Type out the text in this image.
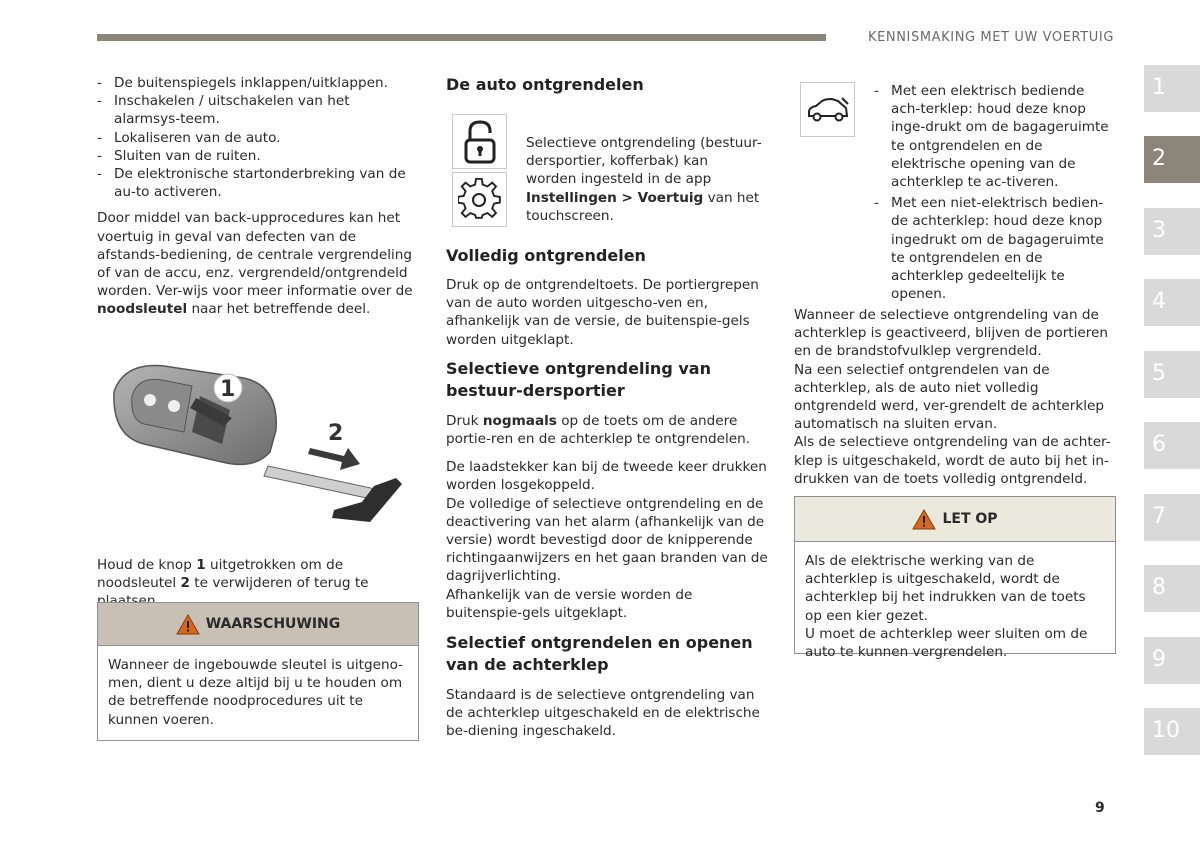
KENNISMAKING MET UW VOERTUIG
- De buitenspiegels inklappen/uitklappen.
- Inschakelen / uitschakelen van het alarmsys-teem.
- Lokaliseren van de auto.
- Sluiten van de ruiten.
- De elektronische startonderbreking van de au-to activeren.

Door middel van back-upprocedures kan het voertuig in geval van defecten van de afstands-bediening, de centrale vergrendeling of van de accu, enz. vergrendeld/ontgrendeld worden. Ver-wijs voor meer informatie over de noodsleutel naar het betreffende deel.

1
2

Houd de knop 1 uitgetrokken om de noodsleutel 2 te verwijderen of terug te

WAARSCHUWING
Wanneer de ingebouwde sleutel is uitgeno-men, dient u deze altijd bij u te houden om de betreffende noodprocedures uit te kunnen voeren.
De auto ontgrendelen

Selectieve ontgrendeling (bestuur-dersportier, kofferbak) kan worden ingesteld in de app Instellingen > Voertuig van het touchscreen.

Volledig ontgrendelen

Druk op de ontgrendeltoets. De portiergrepen van de auto worden uitgescho-ven en, afhankelijk van de versie, de buitenspie-gels worden uitgeklapt.

Selectieve ontgrendeling van bestuur-dersportier

Druk nogmaals op de toets om de andere portie-ren en de achterklep te ontgrendelen.

De laadstekker kan bij de tweede keer drukken worden losgekoppeld.

De volledige of selectieve ontgrendeling en de deactivering van het alarm (afhankelijk van de versie) wordt bevestigd door de knipperende richtingaanwijzers en het gaan branden van de dagrijverlichting.

Afhankelijk van de versie worden de buitenspie-gels uitgeklapt.

Selectief ontgrendelen en openen van de achterklep

Standaard is de selectieve ontgrendeling van de achterklep uitgeschakeld en de elektrische be-diening ingeschakeld.

- Met een elektrisch bediende ach-terklep: houd deze knop inge-drukt om de bagageruimte te ontgrendelen en de elektrische opening van de achterklep te ac-tiveren.
- Met een niet-elektrisch bedien-de achterklep: houd deze knop ingedrukt om de bagageruimte te ontgrendelen en de achterklep gedeeltelijk te openen.

Wanneer de selectieve ontgrendeling van de achterklep is geactiveerd, blijven de portieren en de brandstofvulklep vergrendeld.

Na een selectief ontgrendelen van de achterklep, als de auto niet volledig ontgrendeld werd, ver-grendelt de achterklep automatisch na sluiten ervan.

Als de selectieve ontgrendeling van de achter-klep is uitgeschakeld, wordt de auto bij het in-drukken van de toets volledig ontgrendeld.

LET OP

Als de elektrische werking van de achterklep is uitgeschakeld, wordt de achterklep bij het indrukken van de toets op een kier gezet.

U moet de achterklep weer sluiten om de auto te kunnen vergrendelen.

1
2
3
4
5
6
7
8
9
10
9
